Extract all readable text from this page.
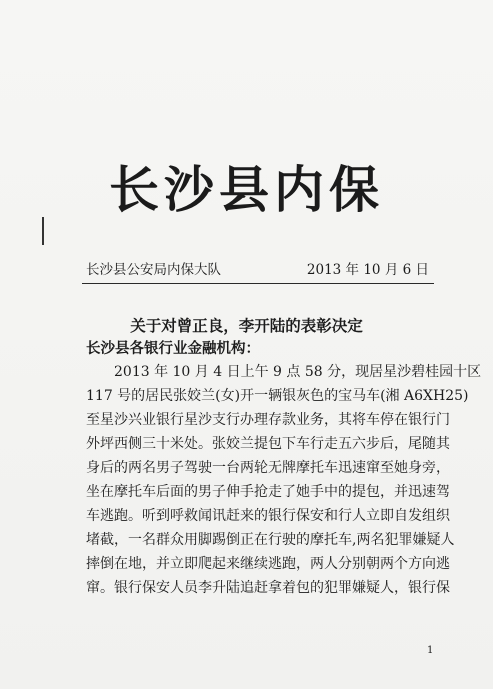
长沙县内保
长沙县公安局内保大队	2013 年 10 月 6 日
关于对曾正良，李开陆的表彰决定
长沙县各银行业金融机构：
2013 年 10 月 4 日上午 9 点 58 分，现居星沙碧桂园十区
117 号的居民张姣兰(女)开一辆银灰色的宝马车(湘 A6XH25)
至星沙兴业银行星沙支行办理存款业务，其将车停在银行门
外坪西侧三十米处。张姣兰提包下车行走五六步后，尾随其
身后的两名男子驾驶一台两轮无牌摩托车迅速窜至她身旁，
坐在摩托车后面的男子伸手抢走了她手中的提包，并迅速驾
车逃跑。听到呼救闻讯赶来的银行保安和行人立即自发组织
堵截，一名群众用脚踢倒正在行驶的摩托车,两名犯罪嫌疑人
摔倒在地，并立即爬起来继续逃跑，两人分别朝两个方向逃
窜。银行保安人员李升陆追赶拿着包的犯罪嫌疑人，银行保
1
